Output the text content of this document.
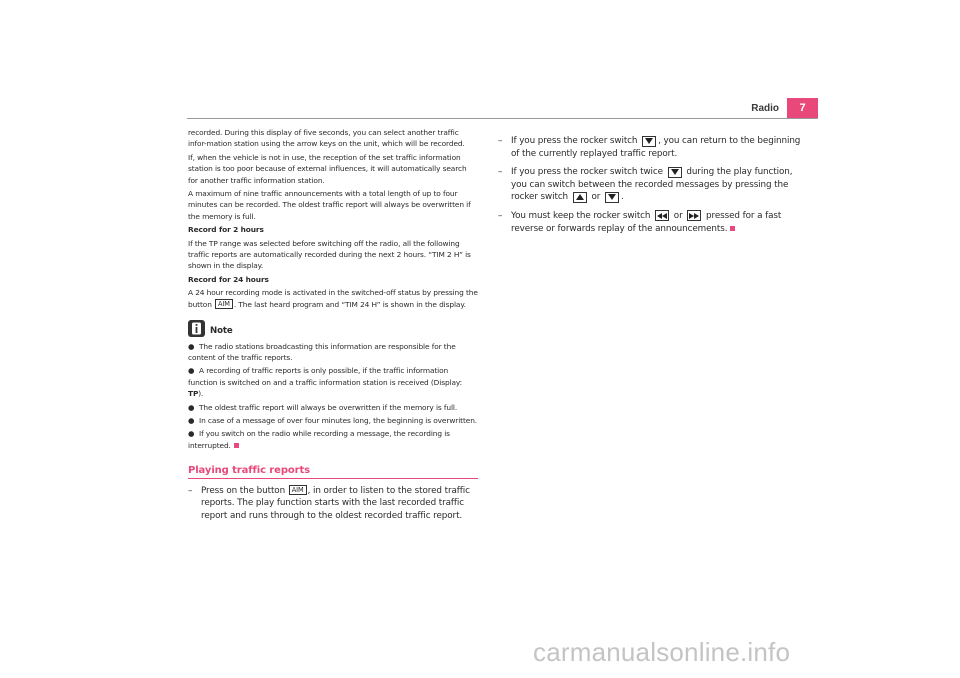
Radio	7

recorded. During this display of five seconds, you can select another traffic infor-mation station using the arrow keys on the unit, which will be recorded.

If, when the vehicle is not in use, the reception of the set traffic information station is too poor because of external influences, it will automatically search for another traffic information station.

A maximum of nine traffic announcements with a total length of up to four minutes can be recorded. The oldest traffic report will always be overwritten if the memory is full.

Record for 2 hours

If the TP range was selected before switching off the radio, all the following traffic reports are automatically recorded during the next 2 hours. “TIM 2 H” is shown in the display.

Record for 24 hours

A 24 hour recording mode is activated in the switched-off status by pressing the button AIM . The last heard program and “TIM 24 H” is shown in the display.

Note

● The radio stations broadcasting this information are responsible for the content of the traffic reports.

● A recording of traffic reports is only possible, if the traffic information function is switched on and a traffic information station is received (Display: TP).

● The oldest traffic report will always be overwritten if the memory is full.

● In case of a message of over four minutes long, the beginning is overwritten.

● If you switch on the radio while recording a message, the recording is interrupted.

Playing traffic reports
– Press on the button AIM , in order to listen to the stored traffic reports. The play function starts with the last recorded traffic report and runs through to the oldest recorded traffic report.
– If you press the rocker switch , you can return to the beginning of the currently replayed traffic report.
– If you press the rocker switch twice	during the play function, you can switch between the recorded messages by pressing the rocker switch	or .
– You must keep the rocker switch	or	pressed for a fast reverse or forwards replay of the announcements.
carmanualsonline.info
